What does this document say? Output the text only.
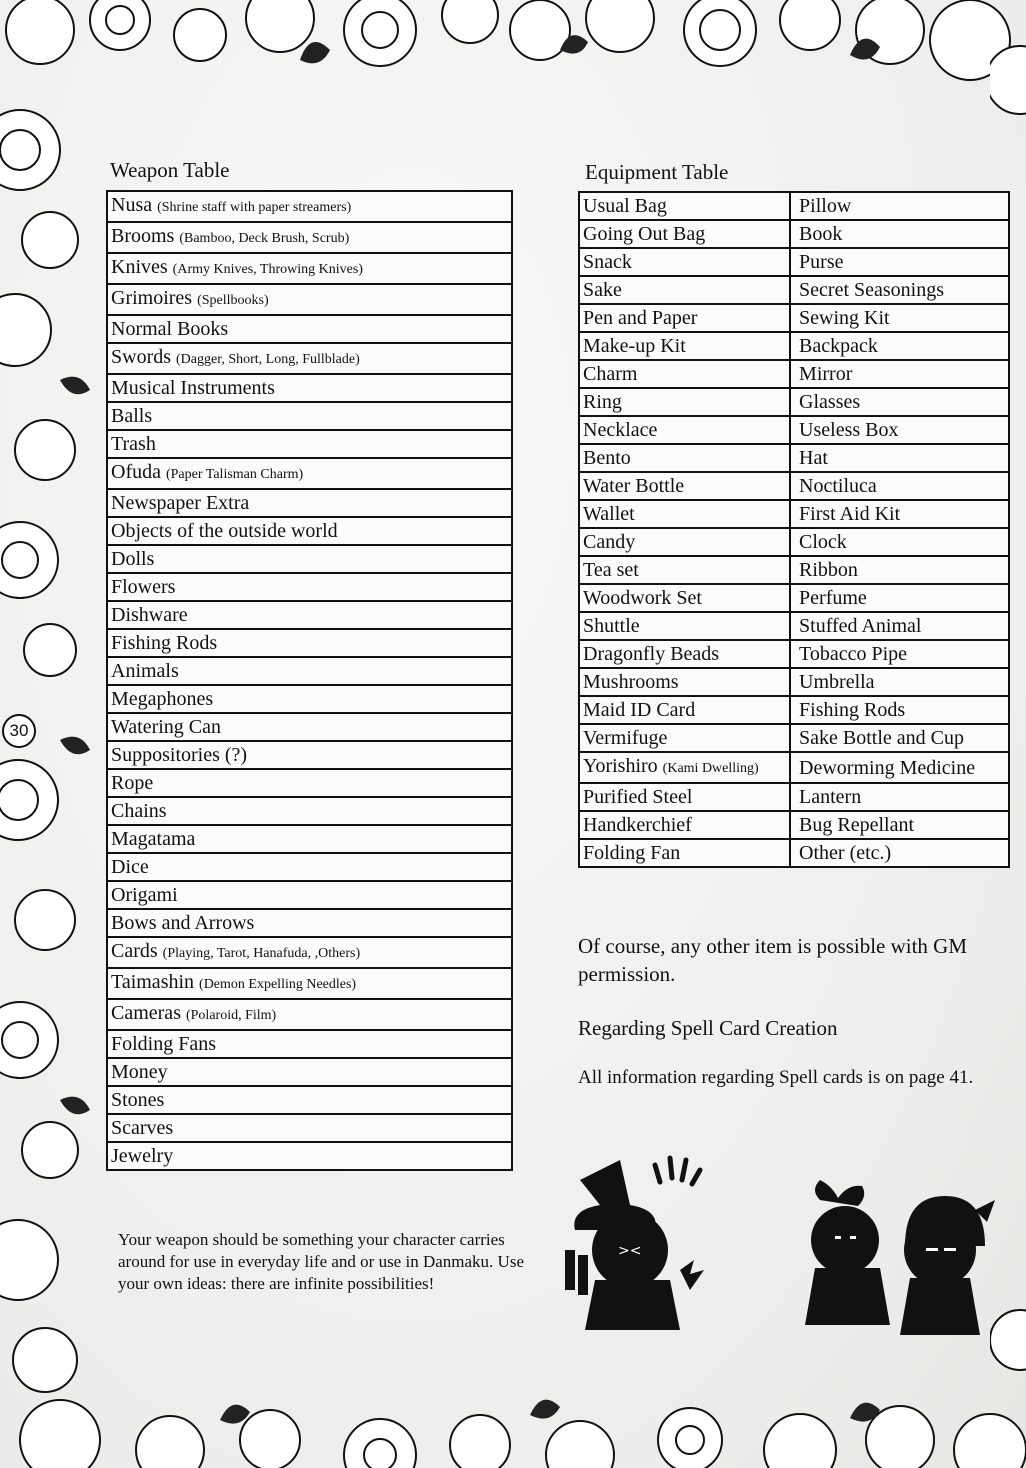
30
Weapon Table
Nusa (Shrine staff with paper streamers)
Brooms (Bamboo, Deck Brush, Scrub)
Knives (Army Knives, Throwing Knives)
Grimoires (Spellbooks)
Normal Books
Swords (Dagger, Short, Long, Fullblade)
Musical Instruments
Balls
Trash
Ofuda (Paper Talisman Charm)
Newspaper Extra
Objects of the outside world
Dolls
Flowers
Dishware
Fishing Rods
Animals
Megaphones
Watering Can
Suppositories (?)
Rope
Chains
Magatama
Dice
Origami
Bows and Arrows
Cards (Playing, Tarot, Hanafuda, ,Others)
Taimashin (Demon Expelling Needles)
Cameras (Polaroid, Film)
Folding Fans
Money
Stones
Scarves
Jewelry
Equipment Table
Usual Bag	Pillow
Going Out Bag	Book
Snack	Purse
Sake	Secret Seasonings
Pen and Paper	Sewing Kit
Make-up Kit	Backpack
Charm	Mirror
Ring	Glasses
Necklace	Useless Box
Bento	Hat
Water Bottle	Noctiluca
Wallet	First Aid Kit
Candy	Clock
Tea set	Ribbon
Woodwork Set	Perfume
Shuttle	Stuffed Animal
Dragonfly Beads	Tobacco Pipe
Mushrooms	Umbrella
Maid ID Card	Fishing Rods
Vermifuge	Sake Bottle and Cup
Yorishiro (Kami Dwelling)	Deworming Medicine
Purified Steel	Lantern
Handkerchief	Bug Repellant
Folding Fan	Other (etc.)
Of course, any other item is possible with GM permission.
Regarding Spell Card Creation
All information regarding Spell cards is on page 41.
Your weapon should be something your character carries around for use in everyday life and or use in Danmaku. Use your own ideas: there are infinite possibilities!
><
